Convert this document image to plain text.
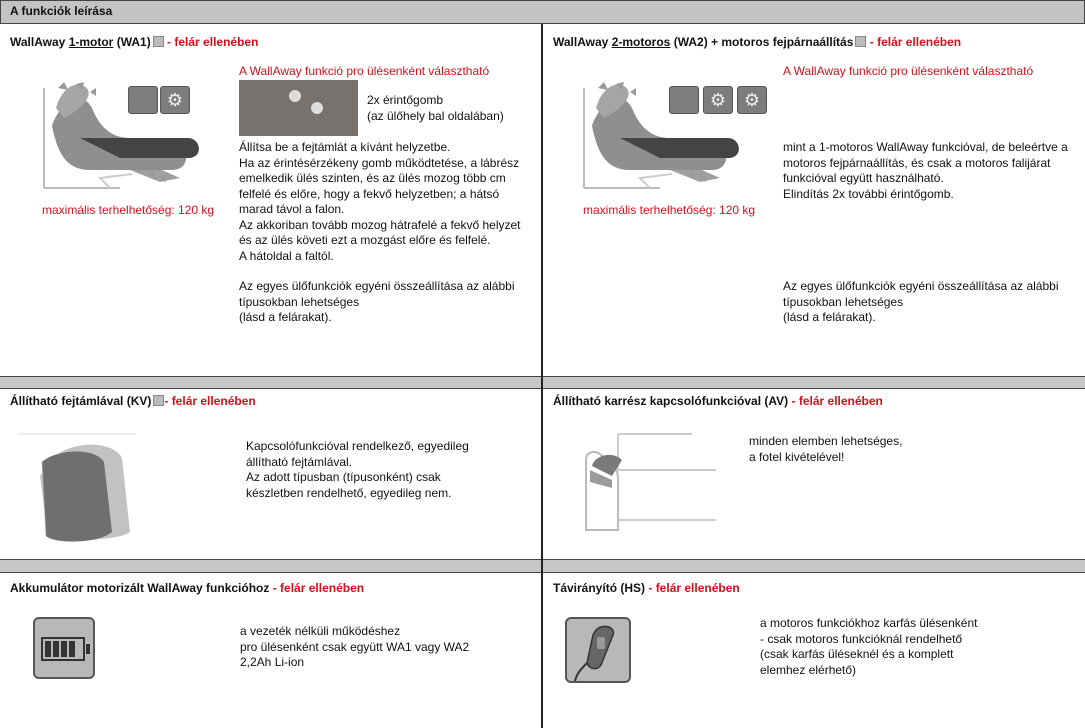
A funkciók leírása
WallAway 1-motor (WA1) - felár ellenében
A WallAway funkció pro ülésenként választható
⚙	2x érintőgomb
(az ülőhely bal oldalában)
Állítsa be a fejtámlát a kívánt helyzetbe.
Ha az érintésérzékeny gomb működtetése, a lábrész emelkedik ülés szinten, és az ülés mozog több cm felfelé és előre, hogy a fekvő helyzetben; a hátsó marad távol a falon.
Az akkoriban tovább mozog hátrafelé a fekvő helyzet és az ülés követi ezt a mozgást előre és felfelé.
A hátoldal a faltól.
Az egyes ülőfunkciók egyéni összeállítása az alábbi típusokban lehetséges
(lásd a felárakat).
maximális terhelhetőség: 120 kg
WallAway 2-motoros (WA2) + motoros fejpárnaállítás - felár ellenében
A WallAway funkció pro ülésenként választható
⚙ ⚙
mint a 1-motoros WallAway funkcióval, de beleértve a motoros fejpárnaállítás, és csak a motoros falijárat funkcióval együtt használható.
Elindítás 2x további érintőgomb.
Az egyes ülőfunkciók egyéni összeállítása az alábbi típusokban lehetséges
(lásd a felárakat).
maximális terhelhetőség: 120 kg
Állítható fejtámlával (KV) - felár ellenében
Kapcsolófunkcióval rendelkező, egyedileg állítható fejtámlával.
Az adott típusban (típusonként) csak készletben rendelhető, egyedileg nem.
Állítható karrész kapcsolófunkcióval (AV) - felár ellenében
minden elemben lehetséges,
a fotel kivételével!
Akkumulátor motorizált WallAway funkcióhoz - felár ellenében
a vezeték nélküli működéshez
pro ülésenként csak együtt WA1 vagy WA2
2,2Ah Li-ion
Távirányító (HS) - felár ellenében
a motoros funkciókhoz karfás ülésenként
- csak motoros funkcióknál rendelhető
(csak karfás üléseknél és a komplett
elemhez elérhető)
